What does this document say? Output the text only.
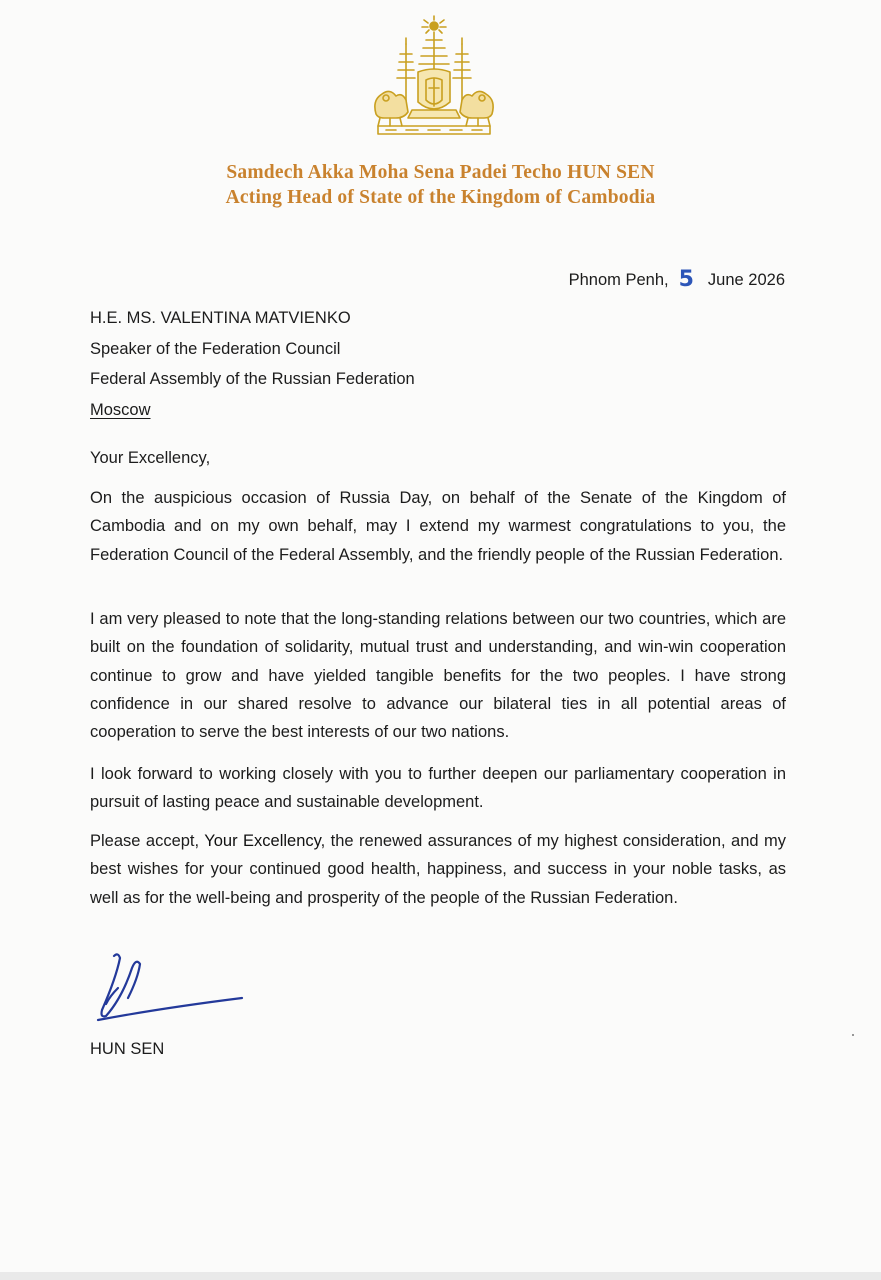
Samdech Akka Moha Sena Padei Techo HUN SEN
Acting Head of State of the Kingdom of Cambodia
Phnom Penh, 5 June 2026
H.E. MS. VALENTINA MATVIENKO
Speaker of the Federation Council
Federal Assembly of the Russian Federation
Moscow
Your Excellency,
On the auspicious occasion of Russia Day, on behalf of the Senate of the Kingdom of Cambodia and on my own behalf, may I extend my warmest congratulations to you, the Federation Council of the Federal Assembly, and the friendly people of the Russian Federation.
I am very pleased to note that the long-standing relations between our two countries, which are built on the foundation of solidarity, mutual trust and understanding, and win-win cooperation continue to grow and have yielded tangible benefits for the two peoples. I have strong confidence in our shared resolve to advance our bilateral ties in all potential areas of cooperation to serve the best interests of our two nations.
I look forward to working closely with you to further deepen our parliamentary cooperation in pursuit of lasting peace and sustainable development.
Please accept, Your Excellency, the renewed assurances of my highest consideration, and my best wishes for your continued good health, happiness, and success in your noble tasks, as well as for the well-being and prosperity of the people of the Russian Federation.
HUN SEN
